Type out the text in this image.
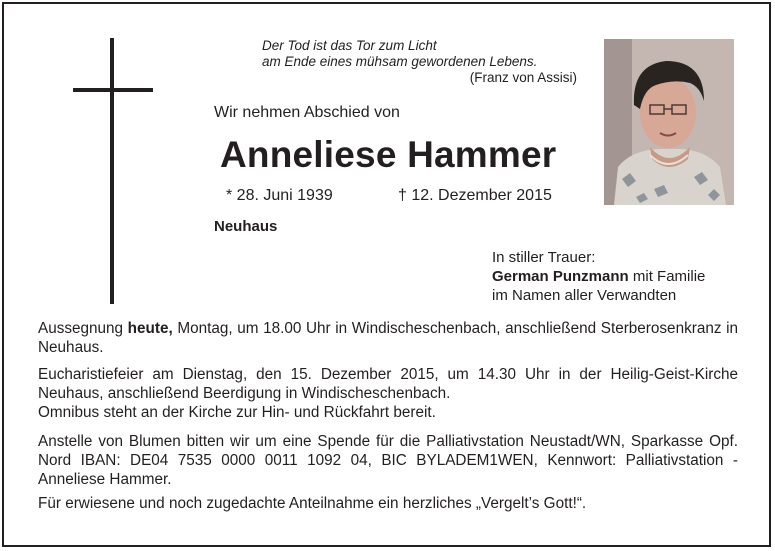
Der Tod ist das Tor zum Licht
am Ende eines mühsam gewordenen Lebens.
(Franz von Assisi)
Wir nehmen Abschied von
Anneliese Hammer
* 28. Juni 1939	† 12. Dezember 2015
Neuhaus
In stiller Trauer:
German Punzmann mit Familie
im Namen aller Verwandten
Aussegnung heute, Montag, um 18.00 Uhr in Windischeschenbach, anschließend Sterberosenkranz in Neuhaus.
Eucharistiefeier am Dienstag, den 15. Dezember 2015, um 14.30 Uhr in der Heilig-Geist-Kirche Neuhaus, anschließend Beerdigung in Windischeschenbach.
Omnibus steht an der Kirche zur Hin- und Rückfahrt bereit.
Anstelle von Blumen bitten wir um eine Spende für die Palliativstation Neustadt/WN, Sparkasse Opf. Nord IBAN: DE04 7535 0000 0011 1092 04, BIC BYLADEM1WEN, Kennwort: Palliativstation - Anneliese Hammer.
Für erwiesene und noch zugedachte Anteilnahme ein herzliches „Vergelt’s Gott!“.
